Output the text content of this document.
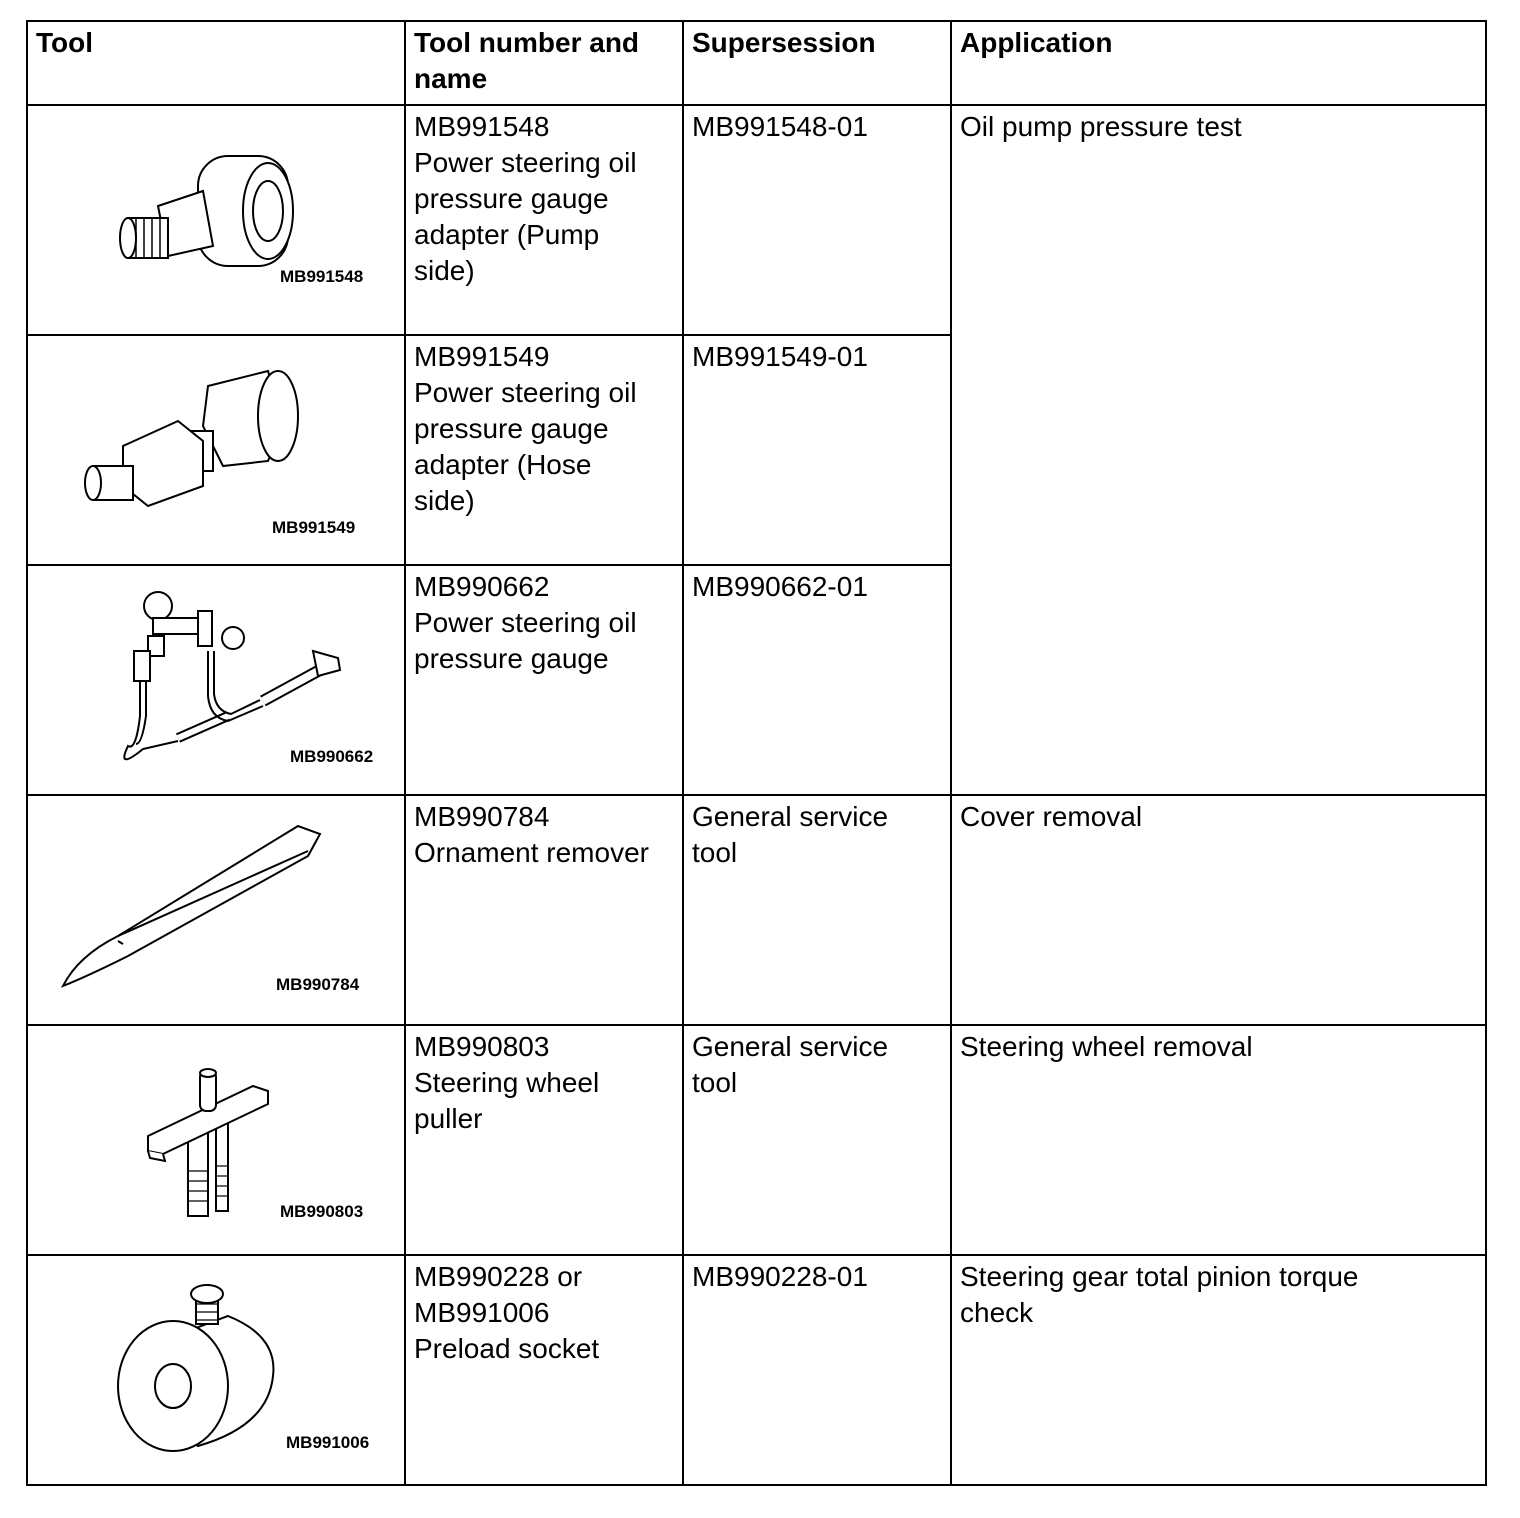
Tool	Tool number and
name	Supersession	Application

MB991548	MB991548
Power steering oil
pressure gauge
adapter (Pump
side)	MB991548-01	Oil pump pressure test

MB991549	MB991549
Power steering oil
pressure gauge
adapter (Hose
side)	MB991549-01	

MB990662	MB990662
Power steering oil
pressure gauge	MB990662-01	

MB990784	MB990784
Ornament remover	General service
tool	Cover removal

MB990803	MB990803
Steering wheel
puller	General service
tool	Steering wheel removal

MB991006	MB990228 or
MB991006
Preload socket	MB990228-01	Steering gear total pinion torque
check
